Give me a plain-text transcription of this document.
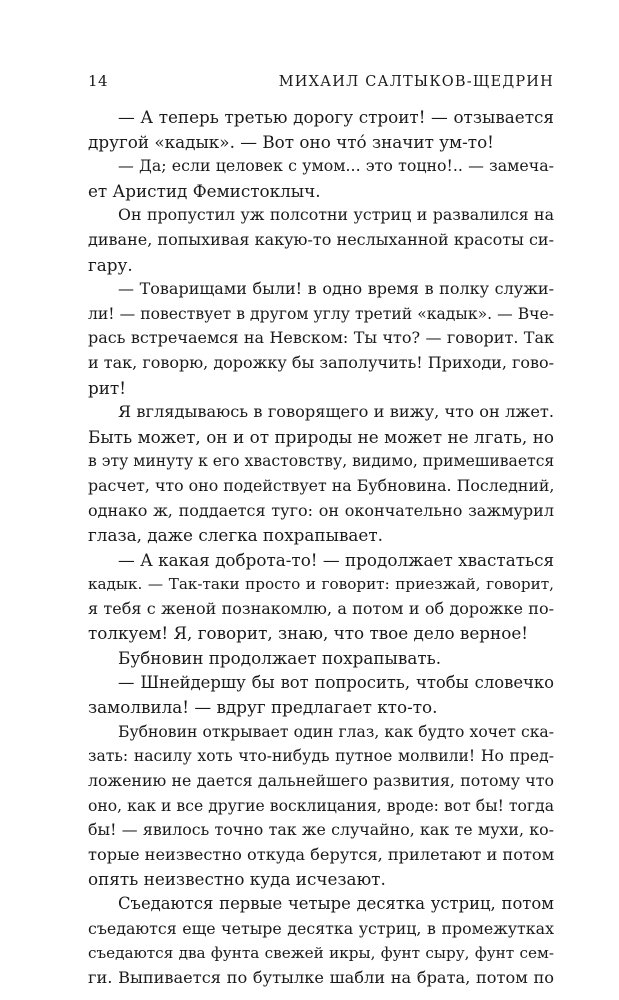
14	МИХАИЛ САЛТЫКОВ-ЩЕДРИН
— А теперь третью дорогу строит! — отзывается
другой «кадык». — Вот оно что́ значит ум-то!
— Да; если целовек с умом... это тоцно!.. — замеча-
ет Аристид Фемистоклыч.
Он пропустил уж полсотни устриц и развалился на
диване, попыхивая какую-то неслыханной красоты си-
гару.
— Товарищами были! в одно время в полку служи-
ли! — повествует в другом углу третий «кадык». — Вче-
рась встречаемся на Невском: Ты что? — говорит. Так
и так, говорю, дорожку бы заполучить! Приходи, гово-
рит!
Я вглядываюсь в говорящего и вижу, что он лжет.
Быть может, он и от природы не может не лгать, но
в эту минуту к его хвастовству, видимо, примешивается
расчет, что оно подействует на Бубновина. Последний,
однако ж, поддается туго: он окончательно зажмурил
глаза, даже слегка похрапывает.
— А какая доброта-то! — продолжает хвастаться
кадык. — Так-таки просто и говорит: приезжай, говорит,
я тебя с женой познакомлю, а потом и об дорожке по-
толкуем! Я, говорит, знаю, что твое дело верное!
Бубновин продолжает похрапывать.
— Шнейдершу бы вот попросить, чтобы словечко
замолвила! — вдруг предлагает кто-то.
Бубновин открывает один глаз, как будто хочет ска-
зать: насилу хоть что-нибудь путное молвили! Но пред-
ложению не дается дальнейшего развития, потому что
оно, как и все другие восклицания, вроде: вот бы! тогда
бы! — явилось точно так же случайно, как те мухи, ко-
торые неизвестно откуда берутся, прилетают и потом
опять неизвестно куда исчезают.
Съедаются первые четыре десятка устриц, потом
съедаются еще четыре десятка устриц, в промежутках
съедаются два фунта свежей икры, фунт сыру, фунт сем-
ги. Выпивается по бутылке шабли на брата, потом по
